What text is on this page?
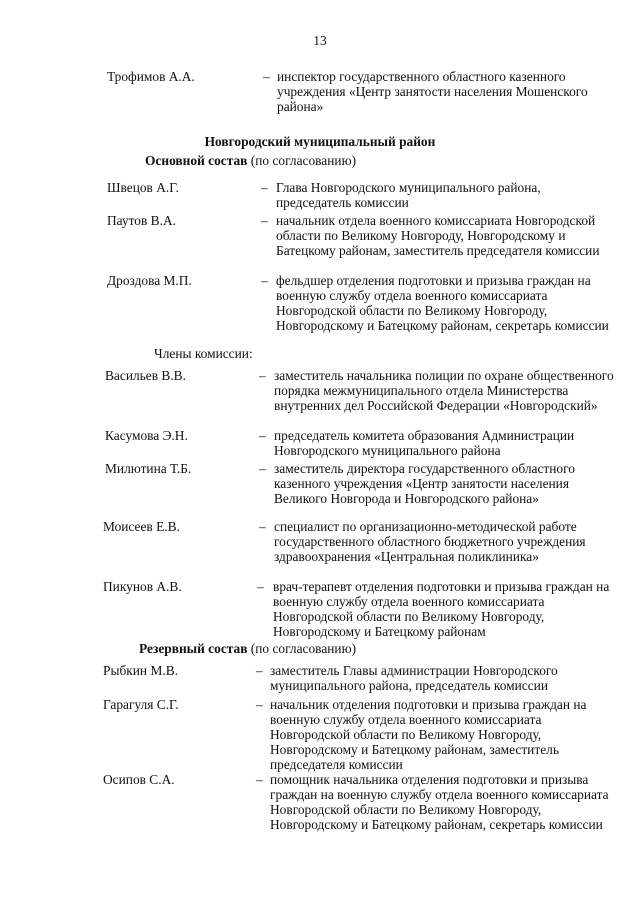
13
Трофимов А.А.	– инспектор государственного областного казенного учреждения «Центр занятости населения Мошенского района»
Новгородский муниципальный район
Основной состав (по согласованию)
Швецов А.Г.	– Глава Новгородского муниципального района, председатель комиссии
Паутов В.А.	– начальник отдела военного комиссариата Новгородской области по Великому Новгороду, Новгородскому и Батецкому районам, заместитель председателя комиссии
Дроздова М.П.	– фельдшер отделения подготовки и призыва граждан на военную службу отдела военного комиссариата Новгородской области по Великому Новгороду, Новгородскому и Батецкому районам, секретарь комиссии
Члены комиссии:
Васильев В.В.	– заместитель начальника полиции по охране общественного порядка межмуниципального отдела Министерства внутренних дел Российской Федерации «Новгородский»
Касумова Э.Н.	– председатель комитета образования Администрации Новгородского муниципального района
Милютина Т.Б.	– заместитель директора государственного областного казенного учреждения «Центр занятости населения Великого Новгорода и Новгородского района»
Моисеев Е.В.	– специалист по организационно-методической работе государственного областного бюджетного учреждения здравоохранения «Центральная поликлиника»
Пикунов А.В.	– врач-терапевт отделения подготовки и призыва граждан на военную службу отдела военного комиссариата Новгородской области по Великому Новгороду, Новгородскому и Батецкому районам
Резервный состав (по согласованию)
Рыбкин М.В.	– заместитель Главы администрации Новгородского муниципального района, председатель комиссии
Гарагуля С.Г.	– начальник отделения подготовки и призыва граждан на военную службу отдела военного комиссариата Новгородской области по Великому Новгороду, Новгородскому и Батецкому районам, заместитель председателя комиссии
Осипов С.А.	– помощник начальника отделения подготовки и призыва граждан на военную службу отдела военного комиссариата Новгородской области по Великому Новгороду, Новгородскому и Батецкому районам, секретарь комиссии
